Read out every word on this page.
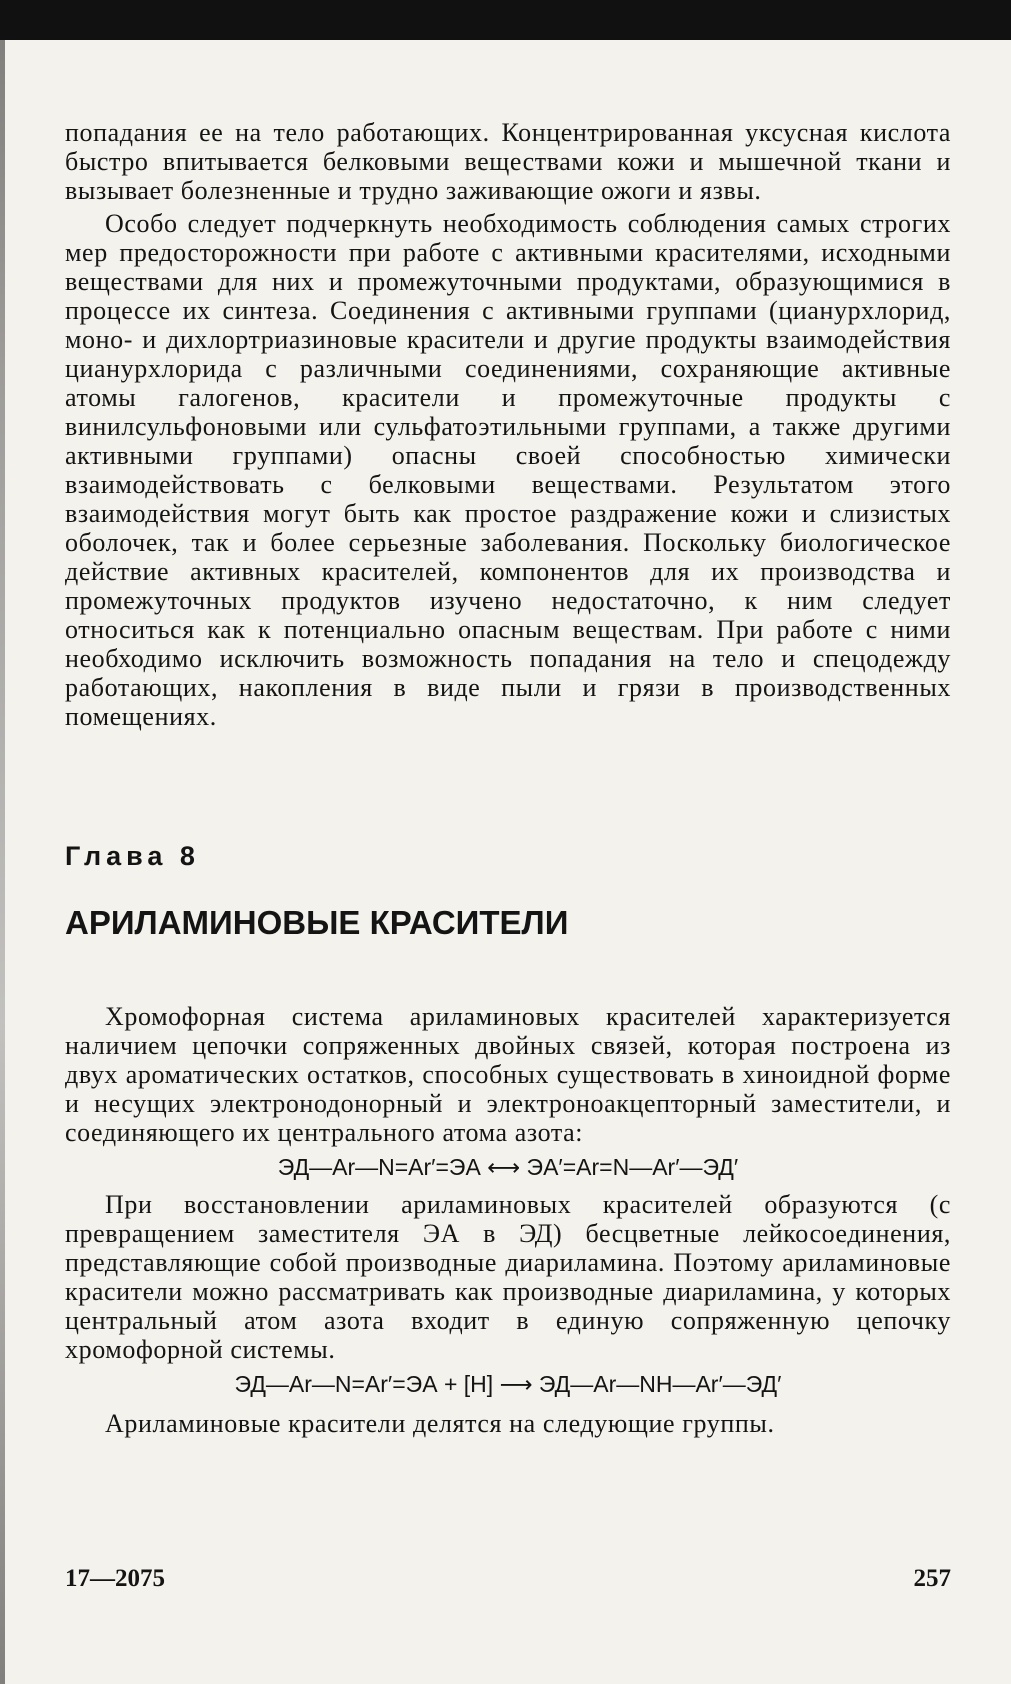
попадания ее на тело работающих. Концентрированная уксусная кислота быстро впитывается белковыми веществами кожи и мышечной ткани и вызывает болезненные и трудно заживающие ожоги и язвы.

Особо следует подчеркнуть необходимость соблюдения самых строгих мер предосторожности при работе с активными красителями, исходными веществами для них и промежуточными продуктами, образующимися в процессе их синтеза. Соединения с активными группами (цианурхлорид, моно- и дихлортриазиновые красители и другие продукты взаимодействия цианурхлорида с различными соединениями, сохраняющие активные атомы галогенов, красители и промежуточные продукты с винилсульфоновыми или сульфатоэтильными группами, а также другими активными группами) опасны своей способностью химически взаимодействовать с белковыми веществами. Результатом этого взаимодействия могут быть как простое раздражение кожи и слизистых оболочек, так и более серьезные заболевания. Поскольку биологическое действие активных красителей, компонентов для их производства и промежуточных продуктов изучено недостаточно, к ним следует относиться как к потенциально опасным веществам. При работе с ними необходимо исключить возможность попадания на тело и спецодежду работающих, накопления в виде пыли и грязи в производственных помещениях.

Глава 8
АРИЛАМИНОВЫЕ КРАСИТЕЛИ

Хромофорная система ариламиновых красителей характеризуется наличием цепочки сопряженных двойных связей, которая построена из двух ароматических остатков, способных существовать в хиноидной форме и несущих электронодонорный и электроноакцепторный заместители, и соединяющего их центрального атома азота:

ЭД—Ar—N=Ar′=ЭА ⟷ ЭА′=Ar=N—Ar′—ЭД′

При восстановлении ариламиновых красителей образуются (с превращением заместителя ЭА в ЭД) бесцветные лейкосоединения, представляющие собой производные диариламина. Поэтому ариламиновые красители можно рассматривать как производные диариламина, у которых центральный атом азота входит в единую сопряженную цепочку хромофорной системы.

ЭД—Ar—N=Ar′=ЭА + [H] ⟶ ЭД—Ar—NH—Ar′—ЭД′

Ариламиновые красители делятся на следующие группы.

17—2075	257
